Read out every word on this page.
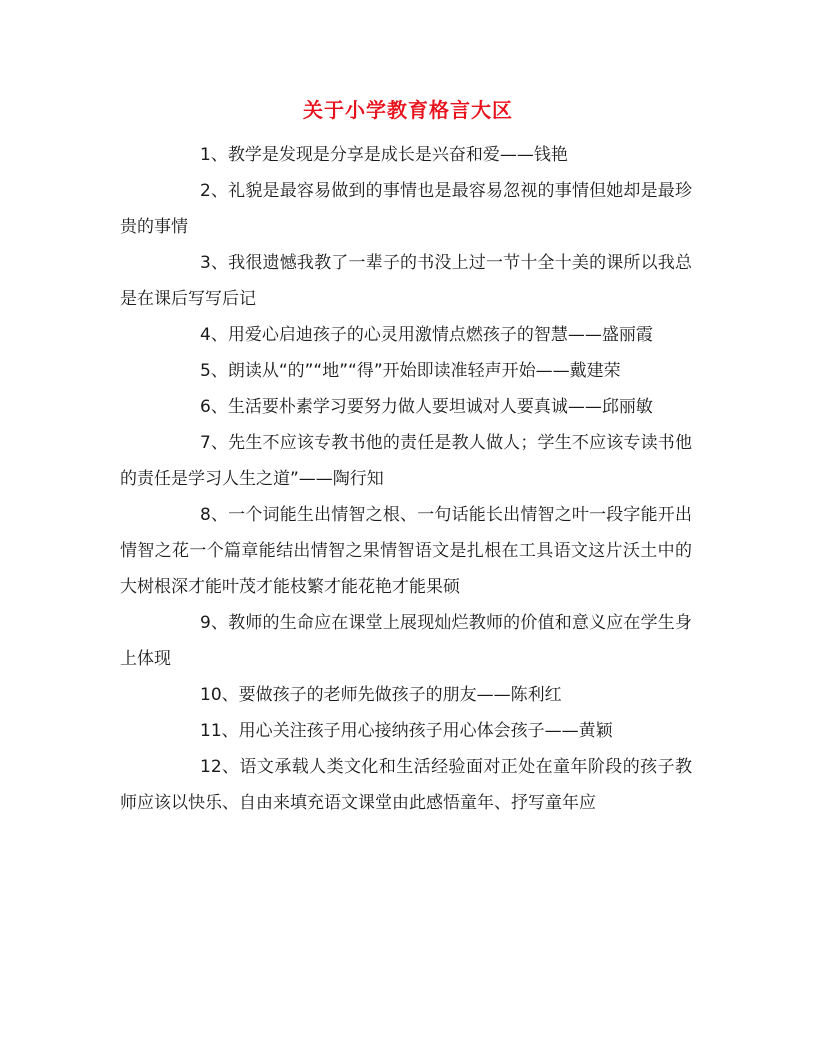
关于小学教育格言大区

1、教学是发现是分享是成长是兴奋和爱——钱艳

2、礼貌是最容易做到的事情也是最容易忽视的事情但她却是最珍贵的事情

3、我很遗憾我教了一辈子的书没上过一节十全十美的课所以我总是在课后写写后记

4、用爱心启迪孩子的心灵用激情点燃孩子的智慧——盛丽霞

5、朗读从“的”“地”“得”开始即读准轻声开始——戴建荣

6、生活要朴素学习要努力做人要坦诚对人要真诚——邱丽敏

7、先生不应该专教书他的责任是教人做人；学生不应该专读书他的责任是学习人生之道”——陶行知

8、一个词能生出情智之根、一句话能长出情智之叶一段字能开出情智之花一个篇章能结出情智之果情智语文是扎根在工具语文这片沃土中的大树根深才能叶茂才能枝繁才能花艳才能果硕

9、教师的生命应在课堂上展现灿烂教师的价值和意义应在学生身上体现

10、要做孩子的老师先做孩子的朋友——陈利红

11、用心关注孩子用心接纳孩子用心体会孩子——黄颖

12、语文承载人类文化和生活经验面对正处在童年阶段的孩子教师应该以快乐、自由来填充语文课堂由此感悟童年、抒写童年应
